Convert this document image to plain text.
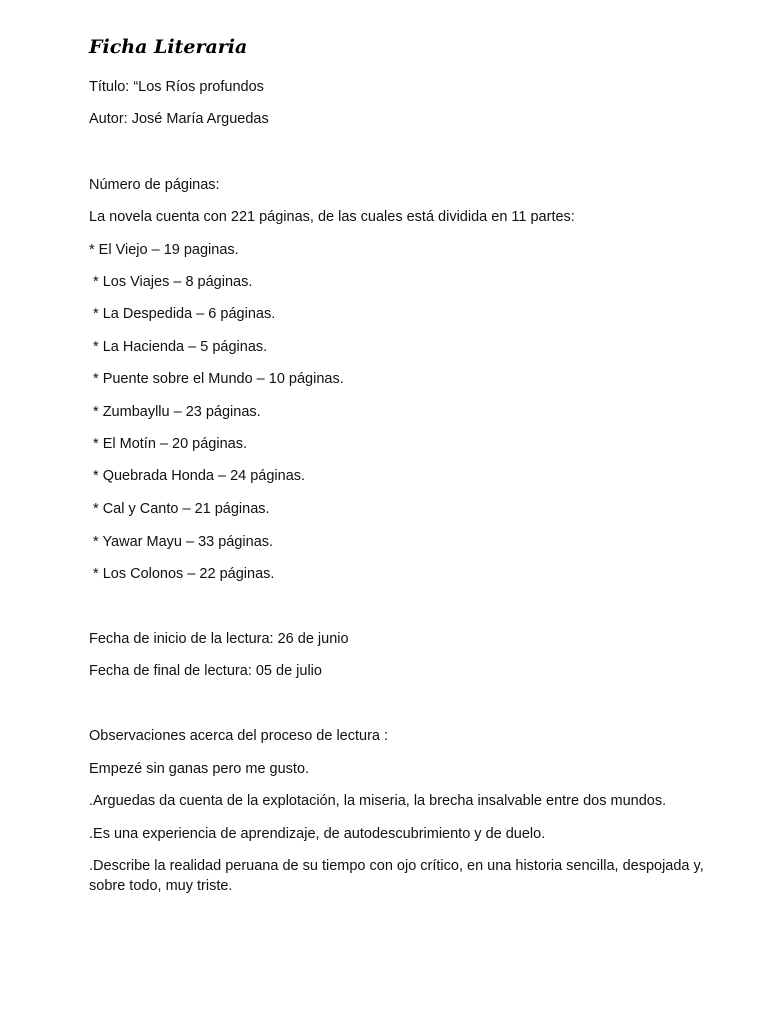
Ficha Literaria
Título: “Los Ríos profundos
Autor: José María Arguedas
Número de páginas:
La novela cuenta con 221 páginas, de las cuales está dividida en 11 partes:
* El Viejo – 19 paginas.
* Los Viajes – 8 páginas.
* La Despedida – 6 páginas.
* La Hacienda – 5 páginas.
* Puente sobre el Mundo – 10 páginas.
* Zumbayllu – 23 páginas.
* El Motín – 20 páginas.
* Quebrada Honda – 24 páginas.
* Cal y Canto – 21 páginas.
* Yawar Mayu – 33 páginas.
* Los Colonos – 22 páginas.
Fecha de inicio de la lectura: 26 de junio
Fecha de final de lectura: 05 de julio
Observaciones acerca del proceso de lectura :
Empezé sin ganas pero me gusto.
.Arguedas da cuenta de la explotación, la miseria, la brecha insalvable entre dos mundos.
.Es una experiencia de aprendizaje, de autodescubrimiento y de duelo.
.Describe la realidad peruana de su tiempo con ojo crítico, en una historia sencilla, despojada y, sobre todo, muy triste.
